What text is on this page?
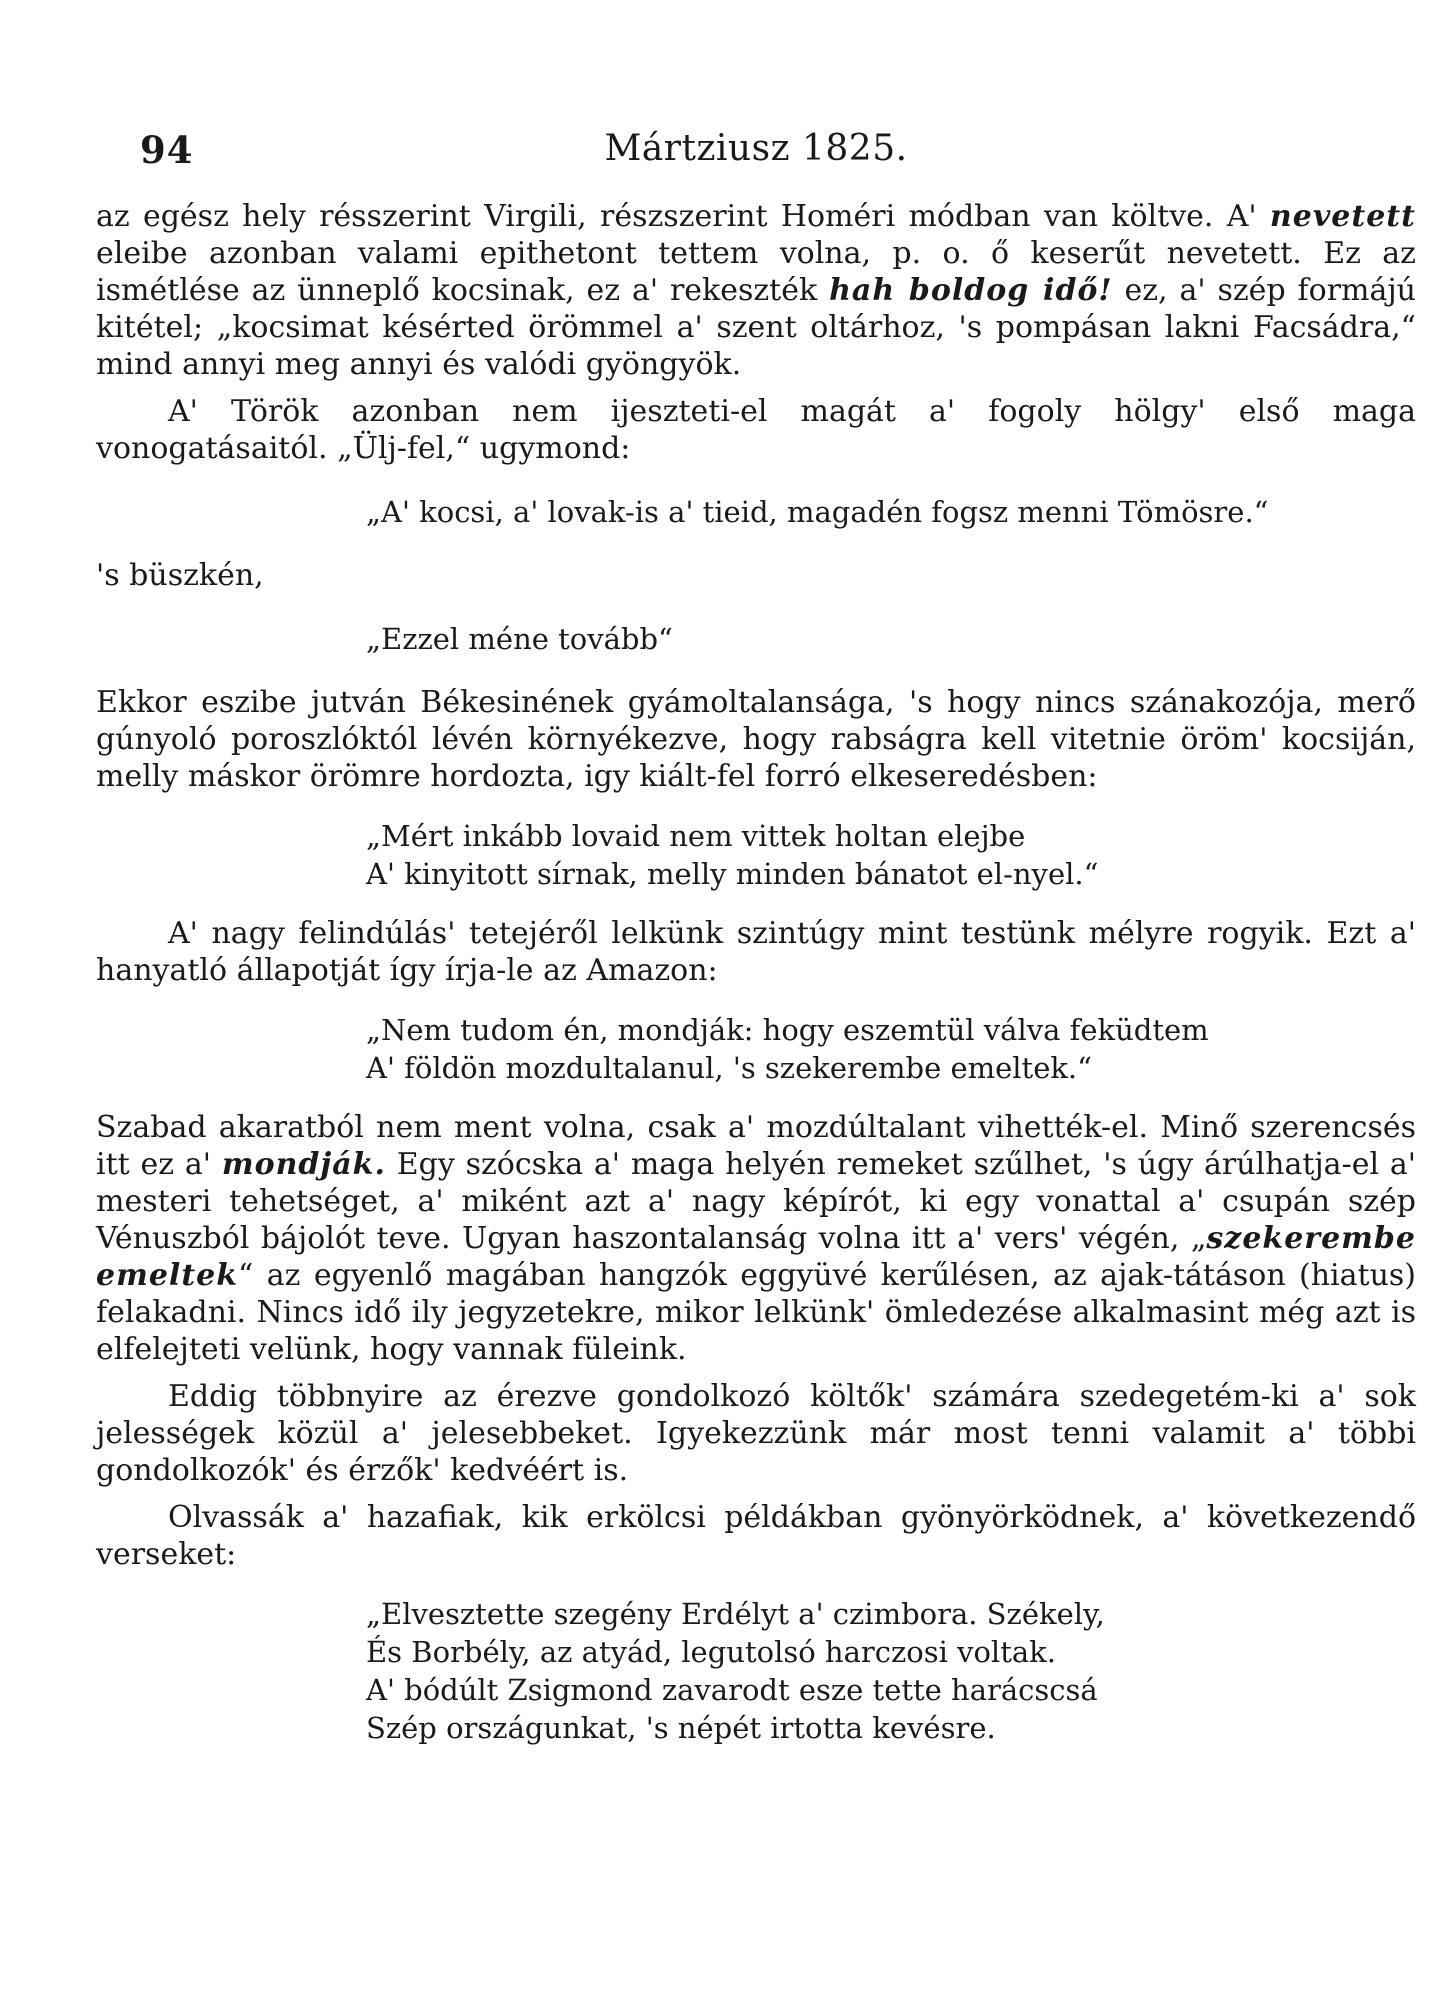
94	Mártziusz 1825.

az egész hely résszerint Virgili, részszerint Homéri módban van költve. A' nevetett eleibe azonban valami epithetont tettem volna, p. o. ő keserűt nevetett. Ez az ismétlése az ünneplő kocsinak, ez a' rekeszték hah boldog idő! ez, a' szép formájú kitétel; „kocsimat késérted örömmel a' szent oltárhoz, 's pompásan lakni Facsádra,“ mind annyi meg annyi és valódi gyöngyök.

A' Török azonban nem ijeszteti-el magát a' fogoly hölgy' első maga vonogatásaitól. „Ülj-fel,“ ugymond:

„A' kocsi, a' lovak-is a' tieid, magadén fogsz menni Tömösre.“

's büszkén,

„Ezzel méne tovább“

Ekkor eszibe jutván Békesinének gyámoltalansága, 's hogy nincs szánakozója, merő gúnyoló poroszlóktól lévén környékezve, hogy rabságra kell vitetnie öröm' kocsiján, melly máskor örömre hordozta, igy kiált-fel forró elkeseredésben:

„Mért inkább lovaid nem vittek holtan elejbe
A' kinyitott sírnak, melly minden bánatot el-nyel.“

A' nagy felindúlás' tetejéről lelkünk szintúgy mint testünk mélyre rogyik. Ezt a' hanyatló állapotját így írja-le az Amazon:

„Nem tudom én, mondják: hogy eszemtül válva feküdtem
A' földön mozdultalanul, 's szekerembe emeltek.“

Szabad akaratból nem ment volna, csak a' mozdúltalant vihették-el. Minő szerencsés itt ez a' mondják. Egy szócska a' maga helyén remeket szűlhet, 's úgy árúlhatja-el a' mesteri tehetséget, a' miként azt a' nagy képírót, ki egy vonattal a' csupán szép Vénuszból bájolót teve. Ugyan haszontalanság volna itt a' vers' végén, „szekerembe emeltek“ az egyenlő magában hangzók eggyüvé kerűlésen, az ajak-tátáson (hiatus) felakadni. Nincs idő ily jegyzetekre, mikor lelkünk' ömledezése alkalmasint még azt is elfelejteti velünk, hogy vannak füleink.

Eddig többnyire az érezve gondolkozó költők' számára szedegetém-ki a' sok jelességek közül a' jelesebbeket. Igyekezzünk már most tenni valamit a' többi gondolkozók' és érzők' kedvéért is.

Olvassák a' hazafiak, kik erkölcsi példákban gyönyörködnek, a' következendő verseket:

„Elvesztette szegény Erdélyt a' czimbora. Székely,
És Borbély, az atyád, legutolsó harczosi voltak.
A' bódúlt Zsigmond zavarodt esze tette harácscsá
Szép országunkat, 's népét irtotta kevésre.
